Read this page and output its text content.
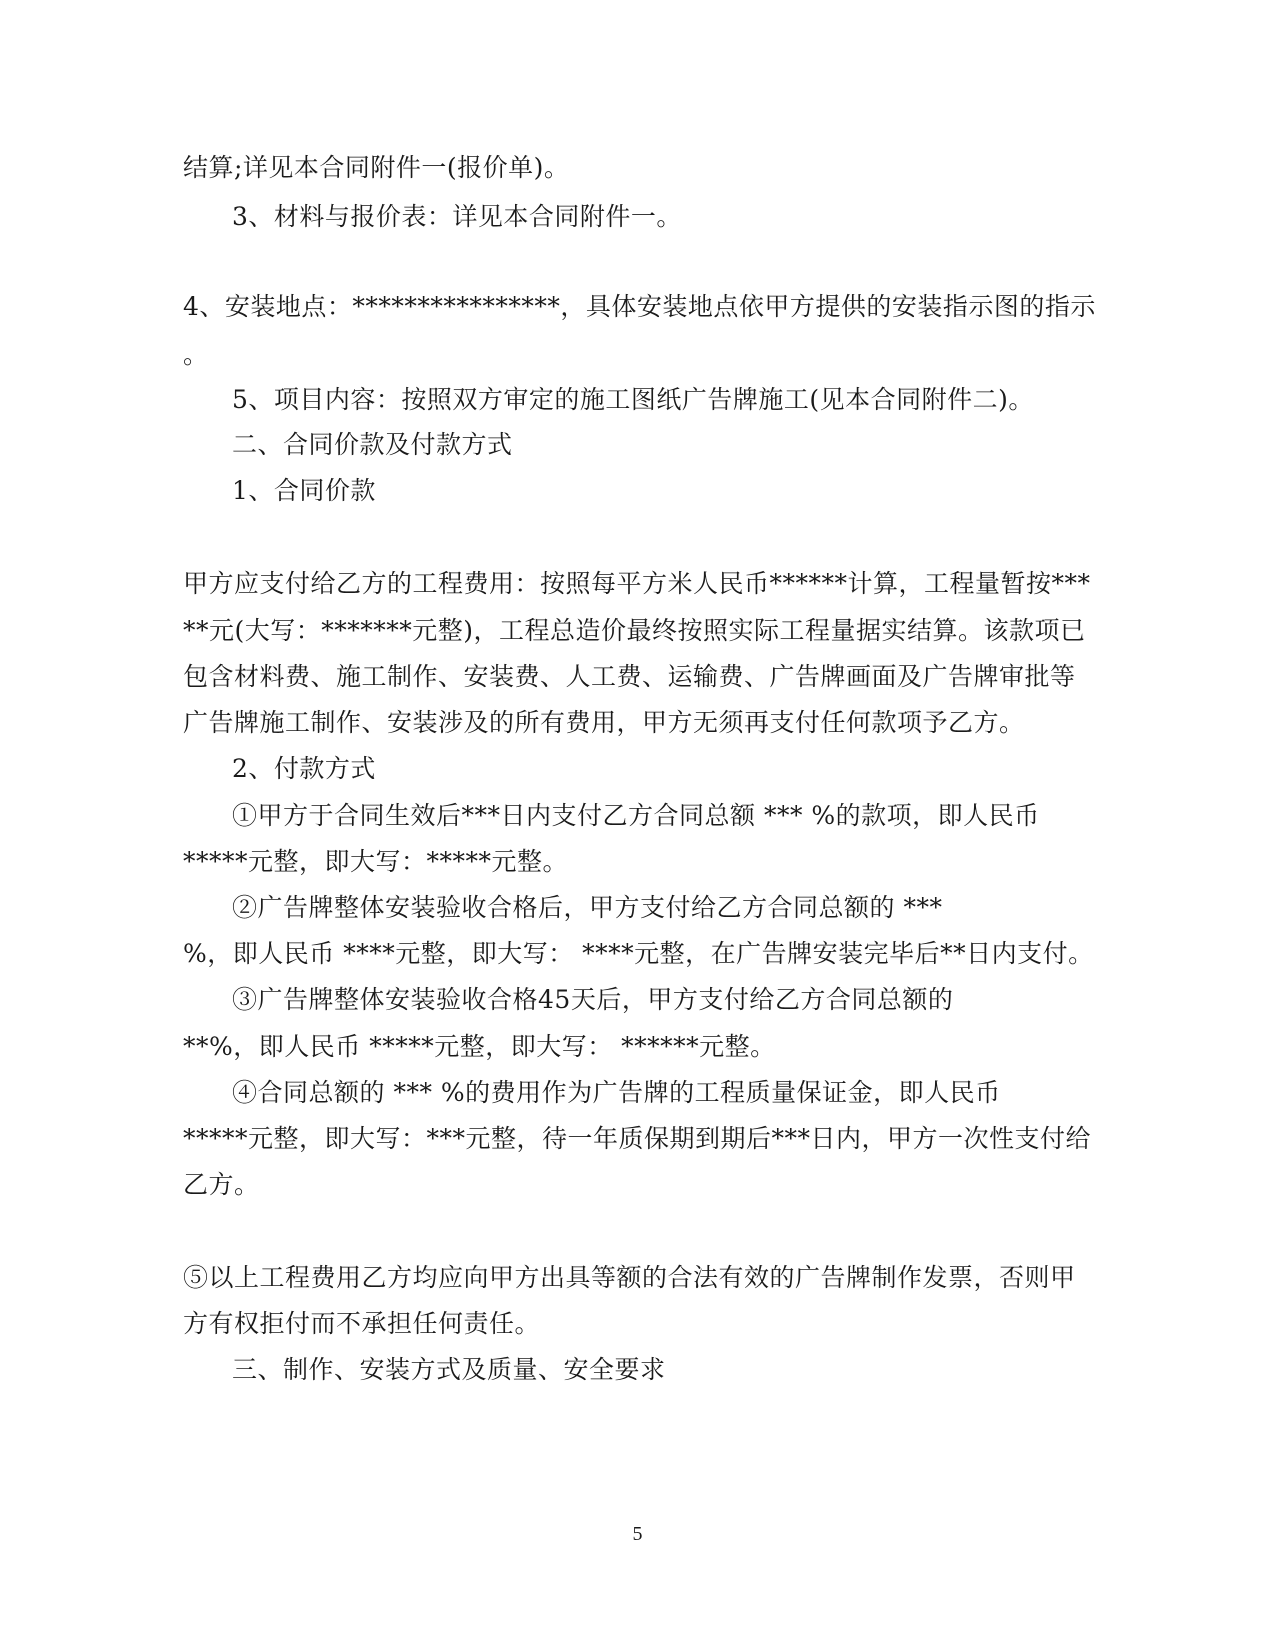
结算;详见本合同附件一(报价单)。
3、材料与报价表：详见本合同附件一。
4、安装地点：****************，具体安装地点依甲方提供的安装指示图的指示
。
5、项目内容：按照双方审定的施工图纸广告牌施工(见本合同附件二)。
二、合同价款及付款方式
1、合同价款
甲方应支付给乙方的工程费用：按照每平方米人民币******计算，工程量暂按***
**元(大写：*******元整)，工程总造价最终按照实际工程量据实结算。该款项已
包含材料费、施工制作、安装费、人工费、运输费、广告牌画面及广告牌审批等
广告牌施工制作、安装涉及的所有费用，甲方无须再支付任何款项予乙方。
2、付款方式
①甲方于合同生效后***日内支付乙方合同总额 *** %的款项，即人民币
*****元整，即大写：*****元整。
②广告牌整体安装验收合格后，甲方支付给乙方合同总额的 ***
%，即人民币 ****元整，即大写： ****元整，在广告牌安装完毕后**日内支付。
③广告牌整体安装验收合格45天后，甲方支付给乙方合同总额的
**%，即人民币 *****元整，即大写： ******元整。
④合同总额的 *** %的费用作为广告牌的工程质量保证金，即人民币
*****元整，即大写：***元整，待一年质保期到期后***日内，甲方一次性支付给
乙方。
⑤以上工程费用乙方均应向甲方出具等额的合法有效的广告牌制作发票，否则甲
方有权拒付而不承担任何责任。
三、制作、安装方式及质量、安全要求
5
